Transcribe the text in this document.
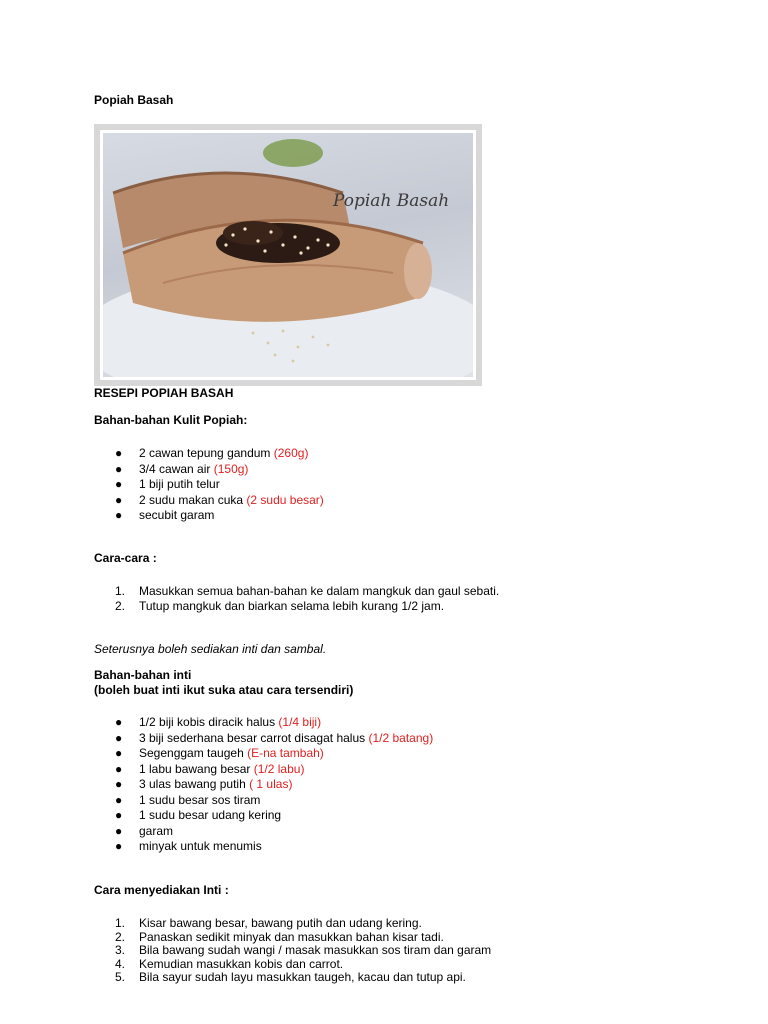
Popiah Basah
Popiah Basah
RESEPI POPIAH BASAH
Bahan-bahan Kulit Popiah:
● 2 cawan tepung gandum (260g)
● 3/4 cawan air (150g)
● 1 biji putih telur
● 2 sudu makan cuka (2 sudu besar)
● secubit garam
Cara-cara :
1. Masukkan semua bahan-bahan ke dalam mangkuk dan gaul sebati.
2. Tutup mangkuk dan biarkan selama lebih kurang 1/2 jam.
Seterusnya boleh sediakan inti dan sambal.
Bahan-bahan inti
(boleh buat inti ikut suka atau cara tersendiri)
● 1/2 biji kobis diracik halus (1/4 biji)
● 3 biji sederhana besar carrot disagat halus (1/2 batang)
● Segenggam taugeh (E-na tambah)
● 1 labu bawang besar (1/2 labu)
● 3 ulas bawang putih ( 1 ulas)
● 1 sudu besar sos tiram
● 1 sudu besar udang kering
● garam
● minyak untuk menumis
Cara menyediakan Inti :
1. Kisar bawang besar, bawang putih dan udang kering.
2. Panaskan sedikit minyak dan masukkan bahan kisar tadi.
3. Bila bawang sudah wangi / masak masukkan sos tiram dan garam
4. Kemudian masukkan kobis dan carrot.
5. Bila sayur sudah layu masukkan taugeh, kacau dan tutup api.
